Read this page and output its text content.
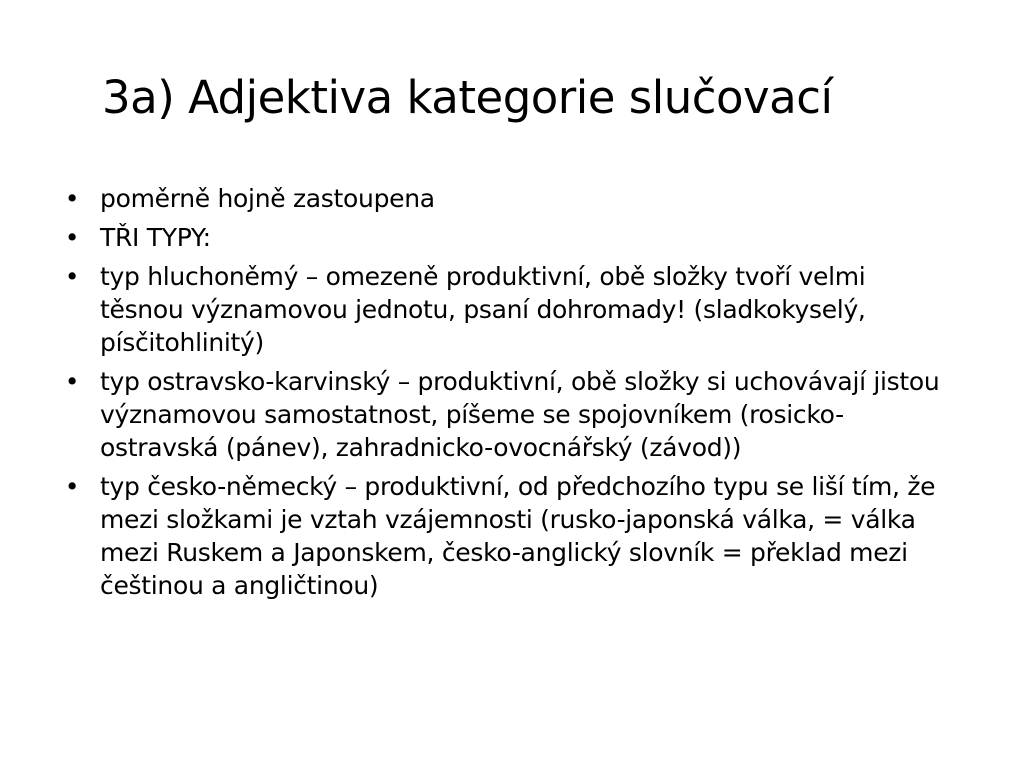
3a) Adjektiva kategorie slučovací
• poměrně hojně zastoupena
• TŘI TYPY:
• typ hluchoněmý – omezeně produktivní, obě složky tvoří velmi těsnou významovou jednotu, psaní dohromady! (sladkokyselý, písčitohlinitý)
• typ ostravsko-karvinský – produktivní, obě složky si uchovávají jistou významovou samostatnost, píšeme se spojovníkem (rosicko-ostravská (pánev), zahradnicko-ovocnářský (závod))
• typ česko-německý – produktivní, od předchozího typu se liší tím, že mezi složkami je vztah vzájemnosti (rusko-japonská válka, = válka mezi Ruskem a Japonskem, česko-anglický slovník = překlad mezi češtinou a angličtinou)
